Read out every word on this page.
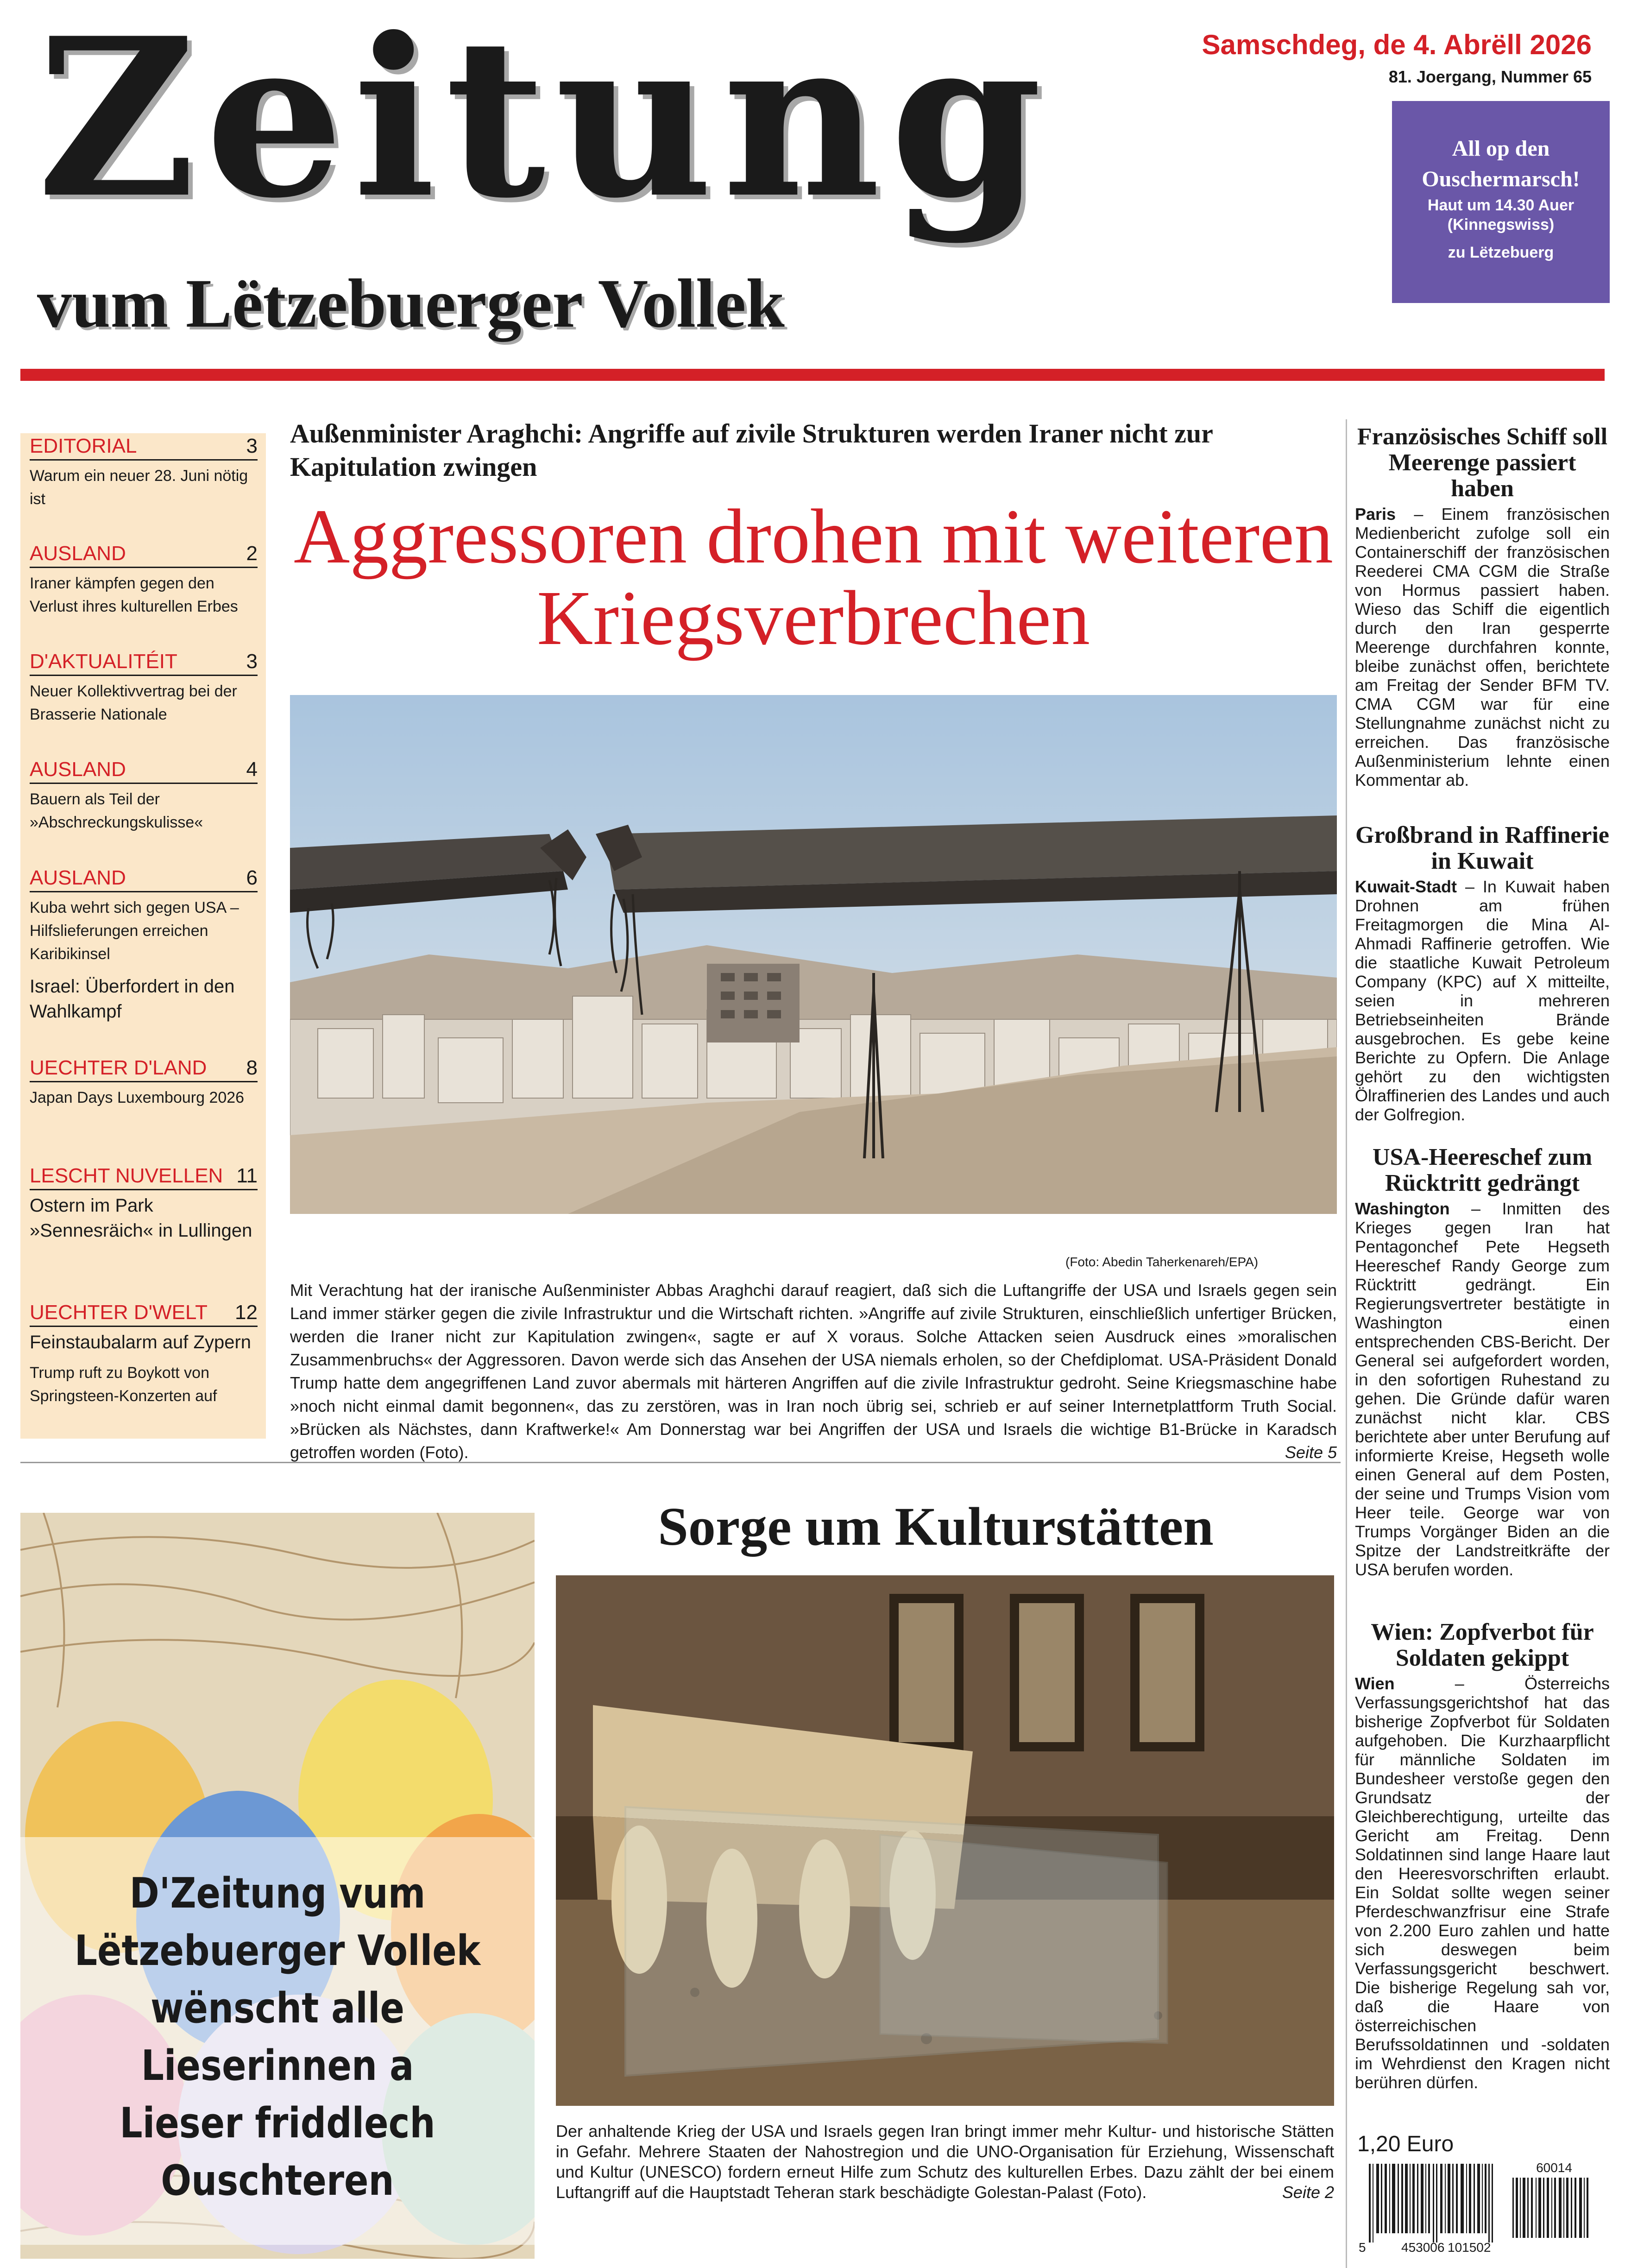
Zeitung
vum Lëtzebuerger Vollek
Samschdeg, de 4. Abrëll 2026
81. Joergang, Nummer 65
All op den
Ouschermarsch!
Haut um 14.30 Auer
(Kinnegswiss)
zu Lëtzebuerg
EDITORIAL	3
Warum ein neuer 28. Juni nötig ist
AUSLAND	2
Iraner kämpfen gegen den Verlust ihres kulturellen Erbes
D'AKTUALITÉIT	3
Neuer Kollektivvertrag bei der Brasserie Nationale
AUSLAND	4
Bauern als Teil der »Abschreckungskulisse«
AUSLAND	6
Kuba wehrt sich gegen USA – Hilfslieferungen erreichen Karibikinsel
Israel: Überfordert in den Wahlkampf
UECHTER D'LAND 8
Japan Days Luxembourg 2026
LESCHT NUVELLEN 11
Ostern im Park »Sennesräich« in Lullingen
UECHTER D'WELT 12
Feinstaubalarm auf Zypern
Trump ruft zu Boykott von Springsteen-Konzerten auf
Außenminister Araghchi: Angriffe auf zivile Strukturen werden Iraner nicht zur Kapitulation zwingen
Aggressoren drohen mit weiteren Kriegsverbrechen
(Foto: Abedin Taherkenareh/EPA)
Mit Verachtung hat der iranische Außenminister Abbas Araghchi darauf reagiert, daß sich die Luftangriffe der USA und Israels gegen sein Land immer stärker gegen die zivile Infrastruktur und die Wirtschaft richten. »Angriffe auf zivile Strukturen, einschließlich unfertiger Brücken, werden die Iraner nicht zur Kapitulation zwingen«, sagte er auf X voraus. Solche Attacken seien Ausdruck eines »moralischen Zusammenbruchs« der Aggressoren. Davon werde sich das Ansehen der USA niemals erholen, so der Chefdiplomat. USA-Präsident Donald Trump hatte dem angegriffenen Land zuvor abermals mit härteren Angriffen auf die zivile Infrastruktur gedroht. Seine Kriegsmaschine habe »noch nicht einmal damit begonnen«, das zu zerstören, was in Iran noch übrig sei, schrieb er auf seiner Internetplattform Truth Social. »Brücken als Nächstes, dann Kraftwerke!« Am Donnerstag war bei Angriffen der USA und Israels die wichtige B1-Brücke in Karadsch getroffen worden (Foto).	Seite 5
Französisches Schiff soll Meerenge passiert haben
Paris – Einem französischen Medienbericht zufolge soll ein Containerschiff der französischen Reederei CMA CGM die Straße von Hormus passiert haben. Wieso das Schiff die eigentlich durch den Iran gesperrte Meerenge durchfahren konnte, bleibe zunächst offen, berichtete am Freitag der Sender BFM TV. CMA CGM war für eine Stellungnahme zunächst nicht zu erreichen. Das französische Außenministerium lehnte einen Kommentar ab.
Großbrand in Raffinerie in Kuwait
Kuwait-Stadt – In Kuwait haben Drohnen am frühen Freitagmorgen die Mina Al-Ahmadi Raffinerie getroffen. Wie die staatliche Kuwait Petroleum Company (KPC) auf X mitteilte, seien in mehreren Betriebseinheiten Brände ausgebrochen. Es gebe keine Berichte zu Opfern. Die Anlage gehört zu den wichtigsten Ölraffinerien des Landes und auch der Golfregion.
USA-Heereschef zum Rücktritt gedrängt
Washington – Inmitten des Krieges gegen Iran hat Pentagonchef Pete Hegseth Heereschef Randy George zum Rücktritt gedrängt. Ein Regierungsvertreter bestätigte in Washington einen entsprechenden CBS-Bericht. Der General sei aufgefordert worden, in den sofortigen Ruhestand zu gehen. Die Gründe dafür waren zunächst nicht klar. CBS berichtete aber unter Berufung auf informierte Kreise, Hegseth wolle einen General auf dem Posten, der seine und Trumps Vision vom Heer teile. George war von Trumps Vorgänger Biden an die Spitze der Landstreitkräfte der USA berufen worden.
Wien: Zopfverbot für Soldaten gekippt
Wien – Österreichs Verfassungsgerichtshof hat das bisherige Zopfverbot für Soldaten aufgehoben. Die Kurzhaarpflicht für männliche Soldaten im Bundesheer verstoße gegen den Grundsatz der Gleichberechtigung, urteilte das Gericht am Freitag. Denn Soldatinnen sind lange Haare laut den Heeresvorschriften erlaubt. Ein Soldat sollte wegen seiner Pferdeschwanzfrisur eine Strafe von 2.200 Euro zahlen und hatte sich deswegen beim Verfassungsgericht beschwert. Die bisherige Regelung sah vor, daß die Haare von österreichischen Berufssoldatinnen und -soldaten im Wehrdienst den Kragen nicht berühren dürfen.
D'Zeitung vum
Lëtzebuerger Vollek
wënscht alle
Lieserinnen a
Lieser friddlech
Ouschteren
Sorge um Kulturstätten
Der anhaltende Krieg der USA und Israels gegen Iran bringt immer mehr Kultur- und historische Stätten in Gefahr. Mehrere Staaten der Nahostregion und die UNO-Organisation für Erziehung, Wissenschaft und Kultur (UNESCO) fordern erneut Hilfe zum Schutz des kulturellen Erbes. Dazu zählt der bei einem Luftangriff auf die Hauptstadt Teheran stark beschädigte Golestan-Palast (Foto).	Seite 2
1,20 Euro
60014
5	453006 101502
